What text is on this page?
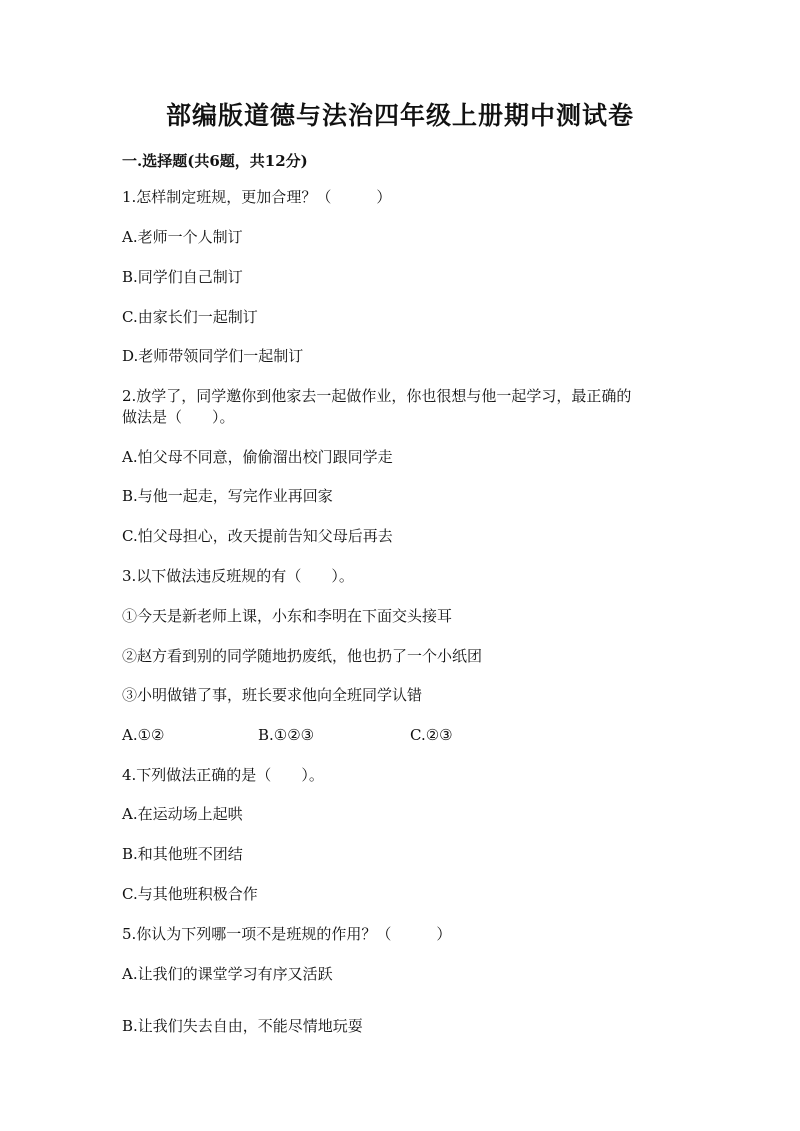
部编版道德与法治四年级上册期中测试卷
一.选择题(共6题，共12分)
1.怎样制定班规，更加合理？（　　　）
A.老师一个人制订
B.同学们自己制订
C.由家长们一起制订
D.老师带领同学们一起制订
2.放学了，同学邀你到他家去一起做作业，你也很想与他一起学习，最正确的
做法是（　　）。
A.怕父母不同意，偷偷溜出校门跟同学走
B.与他一起走，写完作业再回家
C.怕父母担心，改天提前告知父母后再去
3.以下做法违反班规的有（　　）。
①今天是新老师上课，小东和李明在下面交头接耳
②赵方看到别的同学随地扔废纸，他也扔了一个小纸团
③小明做错了事，班长要求他向全班同学认错
A.①②	B.①②③	C.②③
4.下列做法正确的是（　　）。
A.在运动场上起哄
B.和其他班不团结
C.与其他班积极合作
5.你认为下列哪一项不是班规的作用？（　　　）
A.让我们的课堂学习有序又活跃
B.让我们失去自由，不能尽情地玩耍
